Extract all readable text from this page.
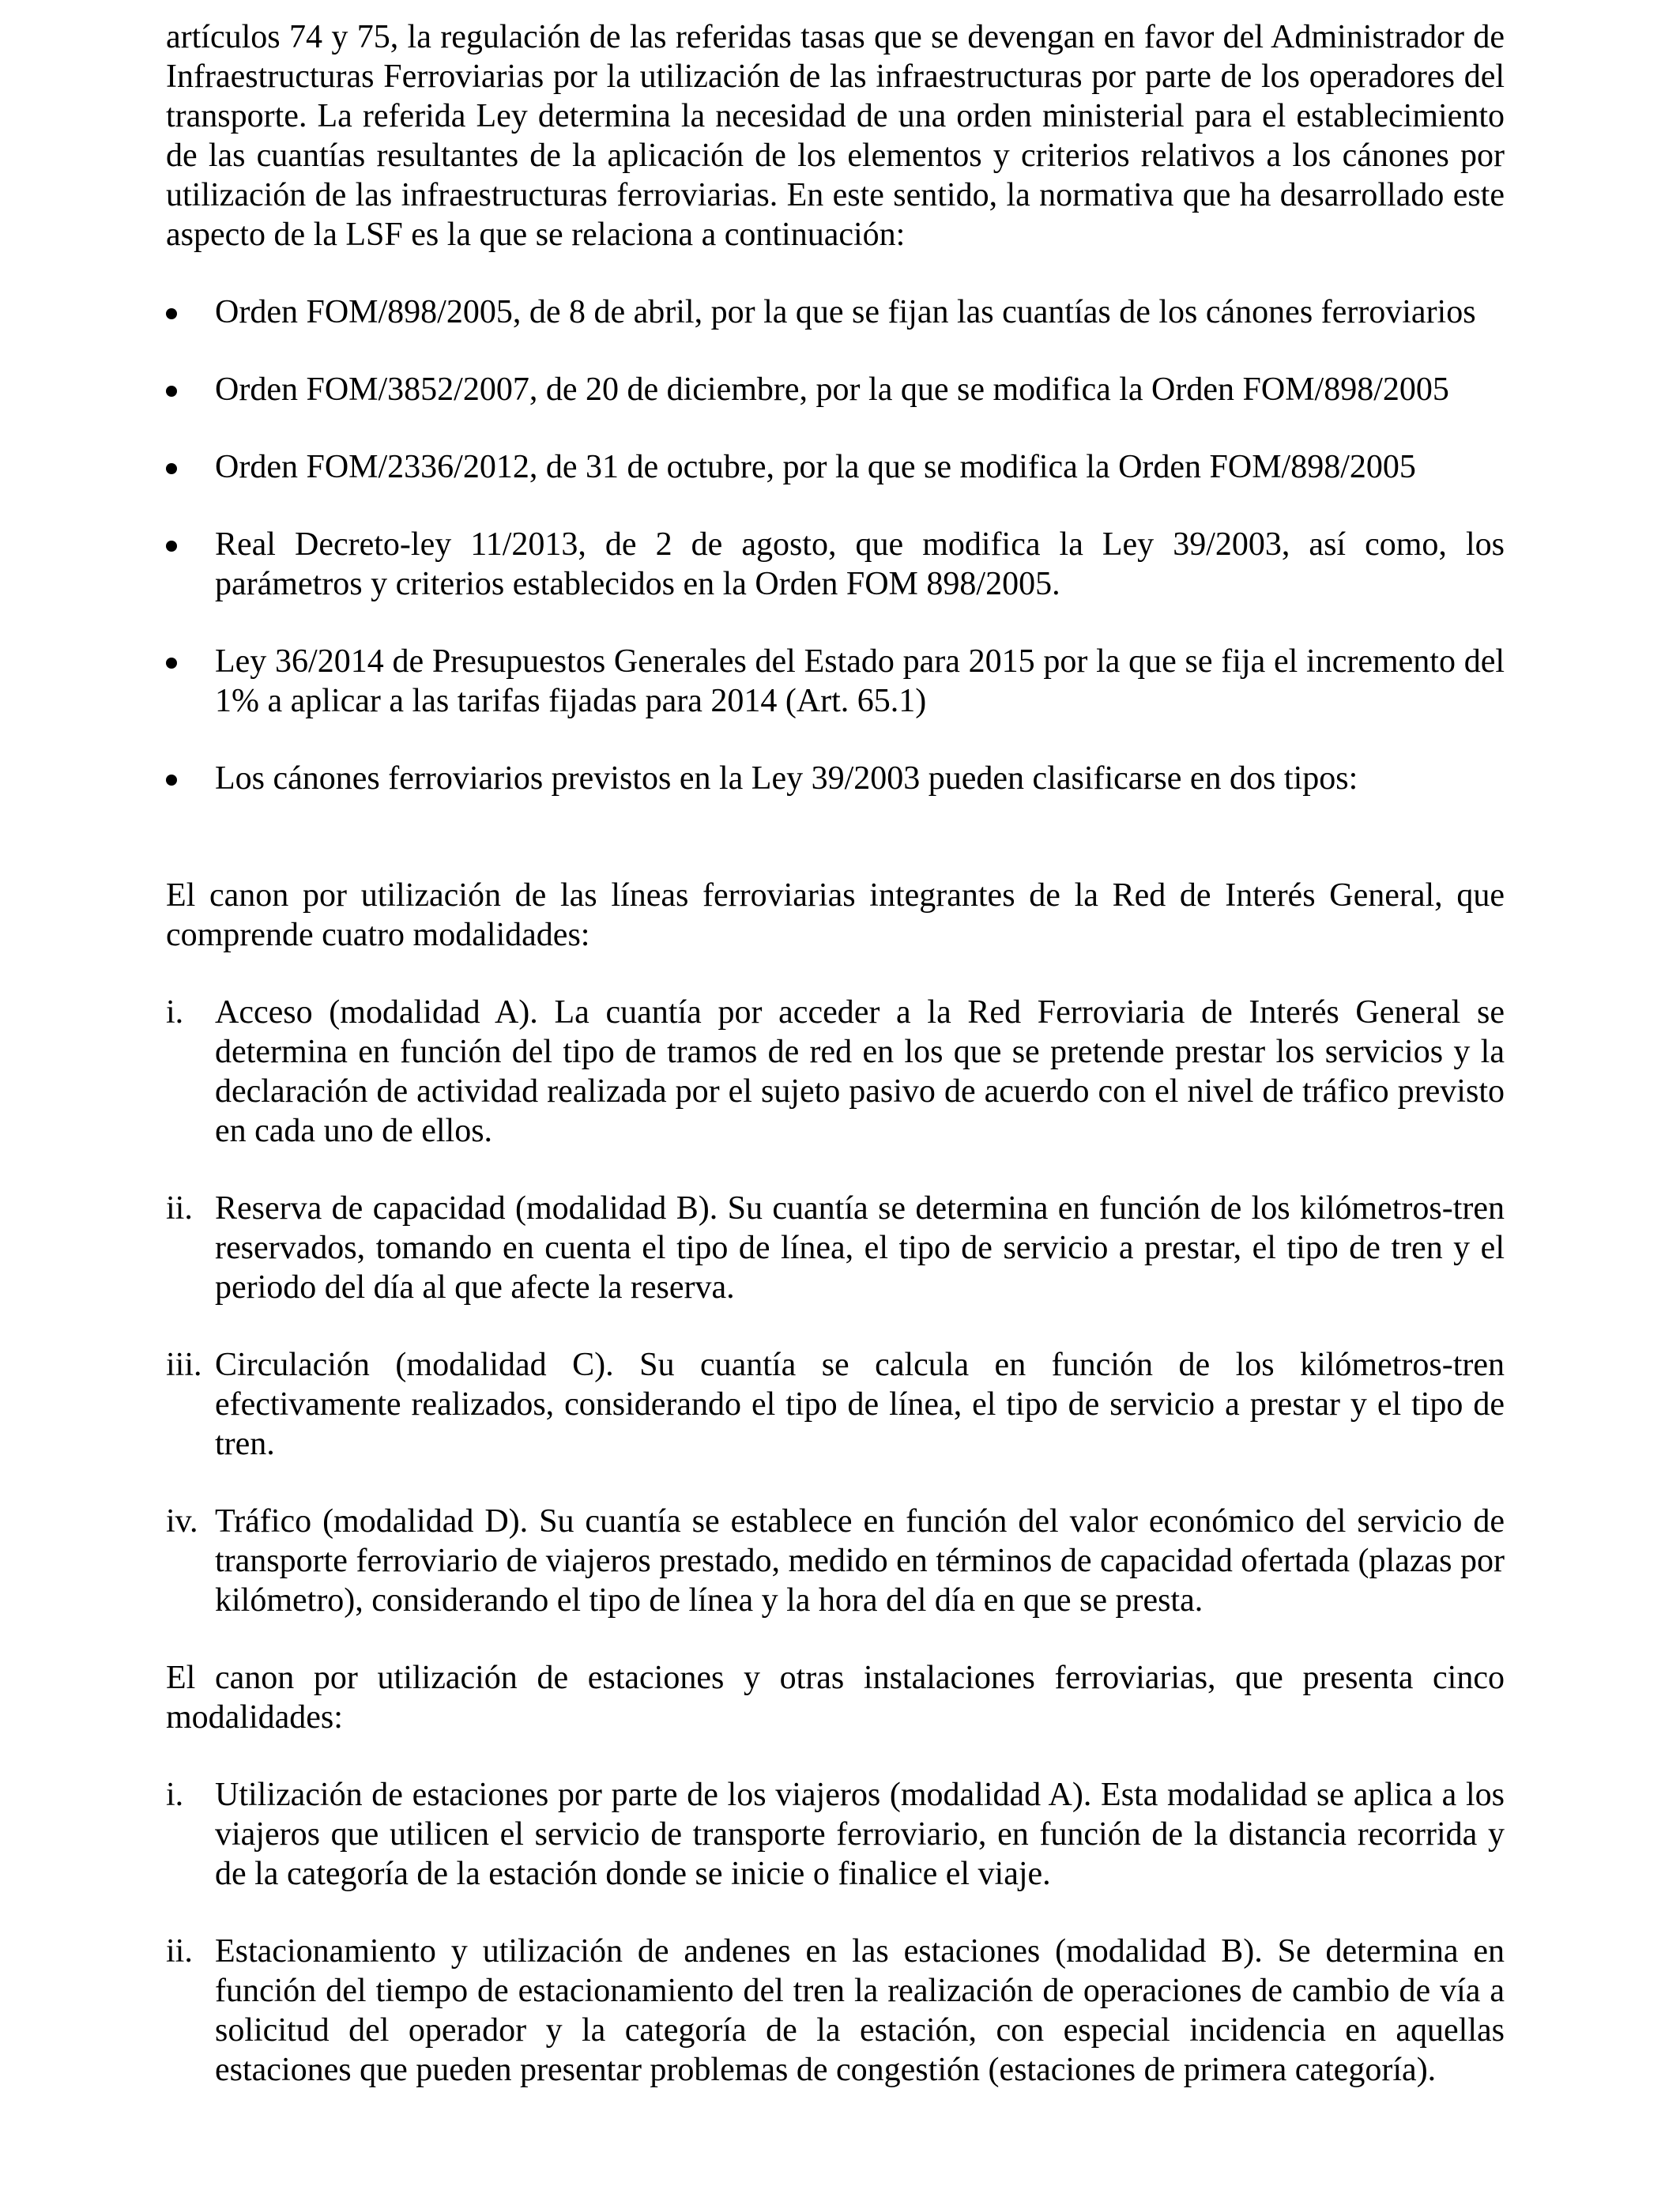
artículos 74 y 75, la regulación de las referidas tasas que se devengan en favor del Administrador de Infraestructuras Ferroviarias por la utilización de las infraestructuras por parte de los operadores del transporte. La referida Ley determina la necesidad de una orden ministerial para el establecimiento de las cuantías resultantes de la aplicación de los elementos y criterios relativos a los cánones por utilización de las infraestructuras ferroviarias. En este sentido, la normativa que ha desarrollado este aspecto de la LSF es la que se relaciona a continuación:

Orden FOM/898/2005, de 8 de abril, por la que se fijan las cuantías de los cánones ferroviarios
Orden FOM/3852/2007, de 20 de diciembre, por la que se modifica la Orden FOM/898/2005
Orden FOM/2336/2012, de 31 de octubre, por la que se modifica la Orden FOM/898/2005
Real Decreto-ley 11/2013, de 2 de agosto, que modifica la Ley 39/2003, así como, los parámetros y criterios establecidos en la Orden FOM 898/2005.
Ley 36/2014 de Presupuestos Generales del Estado para 2015 por la que se fija el incremento del 1% a aplicar a las tarifas fijadas para 2014 (Art. 65.1)
Los cánones ferroviarios previstos en la Ley 39/2003 pueden clasificarse en dos tipos:

El canon por utilización de las líneas ferroviarias integrantes de la Red de Interés General, que comprende cuatro modalidades:

i. Acceso (modalidad A). La cuantía por acceder a la Red Ferroviaria de Interés General se determina en función del tipo de tramos de red en los que se pretende prestar los servicios y la declaración de actividad realizada por el sujeto pasivo de acuerdo con el nivel de tráfico previsto en cada uno de ellos.
ii. Reserva de capacidad (modalidad B). Su cuantía se determina en función de los kilómetros-tren reservados, tomando en cuenta el tipo de línea, el tipo de servicio a prestar, el tipo de tren y el periodo del día al que afecte la reserva.
iii. Circulación (modalidad C). Su cuantía se calcula en función de los kilómetros-tren efectivamente realizados, considerando el tipo de línea, el tipo de servicio a prestar y el tipo de tren.
iv. Tráfico (modalidad D). Su cuantía se establece en función del valor económico del servicio de transporte ferroviario de viajeros prestado, medido en términos de capacidad ofertada (plazas por kilómetro), considerando el tipo de línea y la hora del día en que se presta.

El canon por utilización de estaciones y otras instalaciones ferroviarias, que presenta cinco modalidades:

i. Utilización de estaciones por parte de los viajeros (modalidad A). Esta modalidad se aplica a los viajeros que utilicen el servicio de transporte ferroviario, en función de la distancia recorrida y de la categoría de la estación donde se inicie o finalice el viaje.
ii. Estacionamiento y utilización de andenes en las estaciones (modalidad B). Se determina en función del tiempo de estacionamiento del tren la realización de operaciones de cambio de vía a solicitud del operador y la categoría de la estación, con especial incidencia en aquellas estaciones que pueden presentar problemas de congestión (estaciones de primera categoría).
